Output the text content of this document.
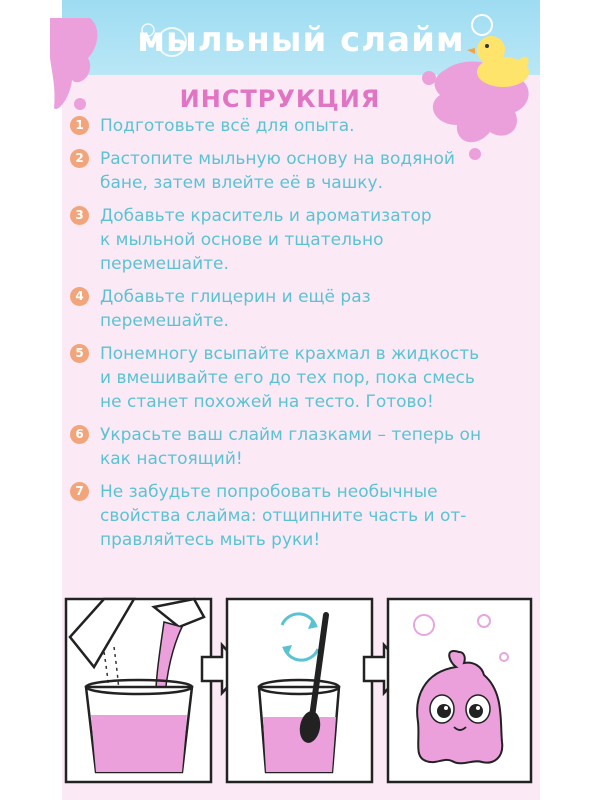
мыльный слайм
ИНСТРУКЦИЯ
1 Подготовьте всё для опыта.
2 Растопите мыльную основу на водяной
бане, затем влейте её в чашку.
3 Добавьте краситель и ароматизатор
к мыльной основе и тщательно
перемешайте.
4 Добавьте глицерин и ещё раз
перемешайте.
5 Понемногу всыпайте крахмал в жидкость
и вмешивайте его до тех пор, пока смесь
не станет похожей на тесто. Готово!
6 Украсьте ваш слайм глазками – теперь он
как настоящий!
7 Не забудьте попробовать необычные
свойства слайма: отщипните часть и от-
правляйтесь мыть руки!
